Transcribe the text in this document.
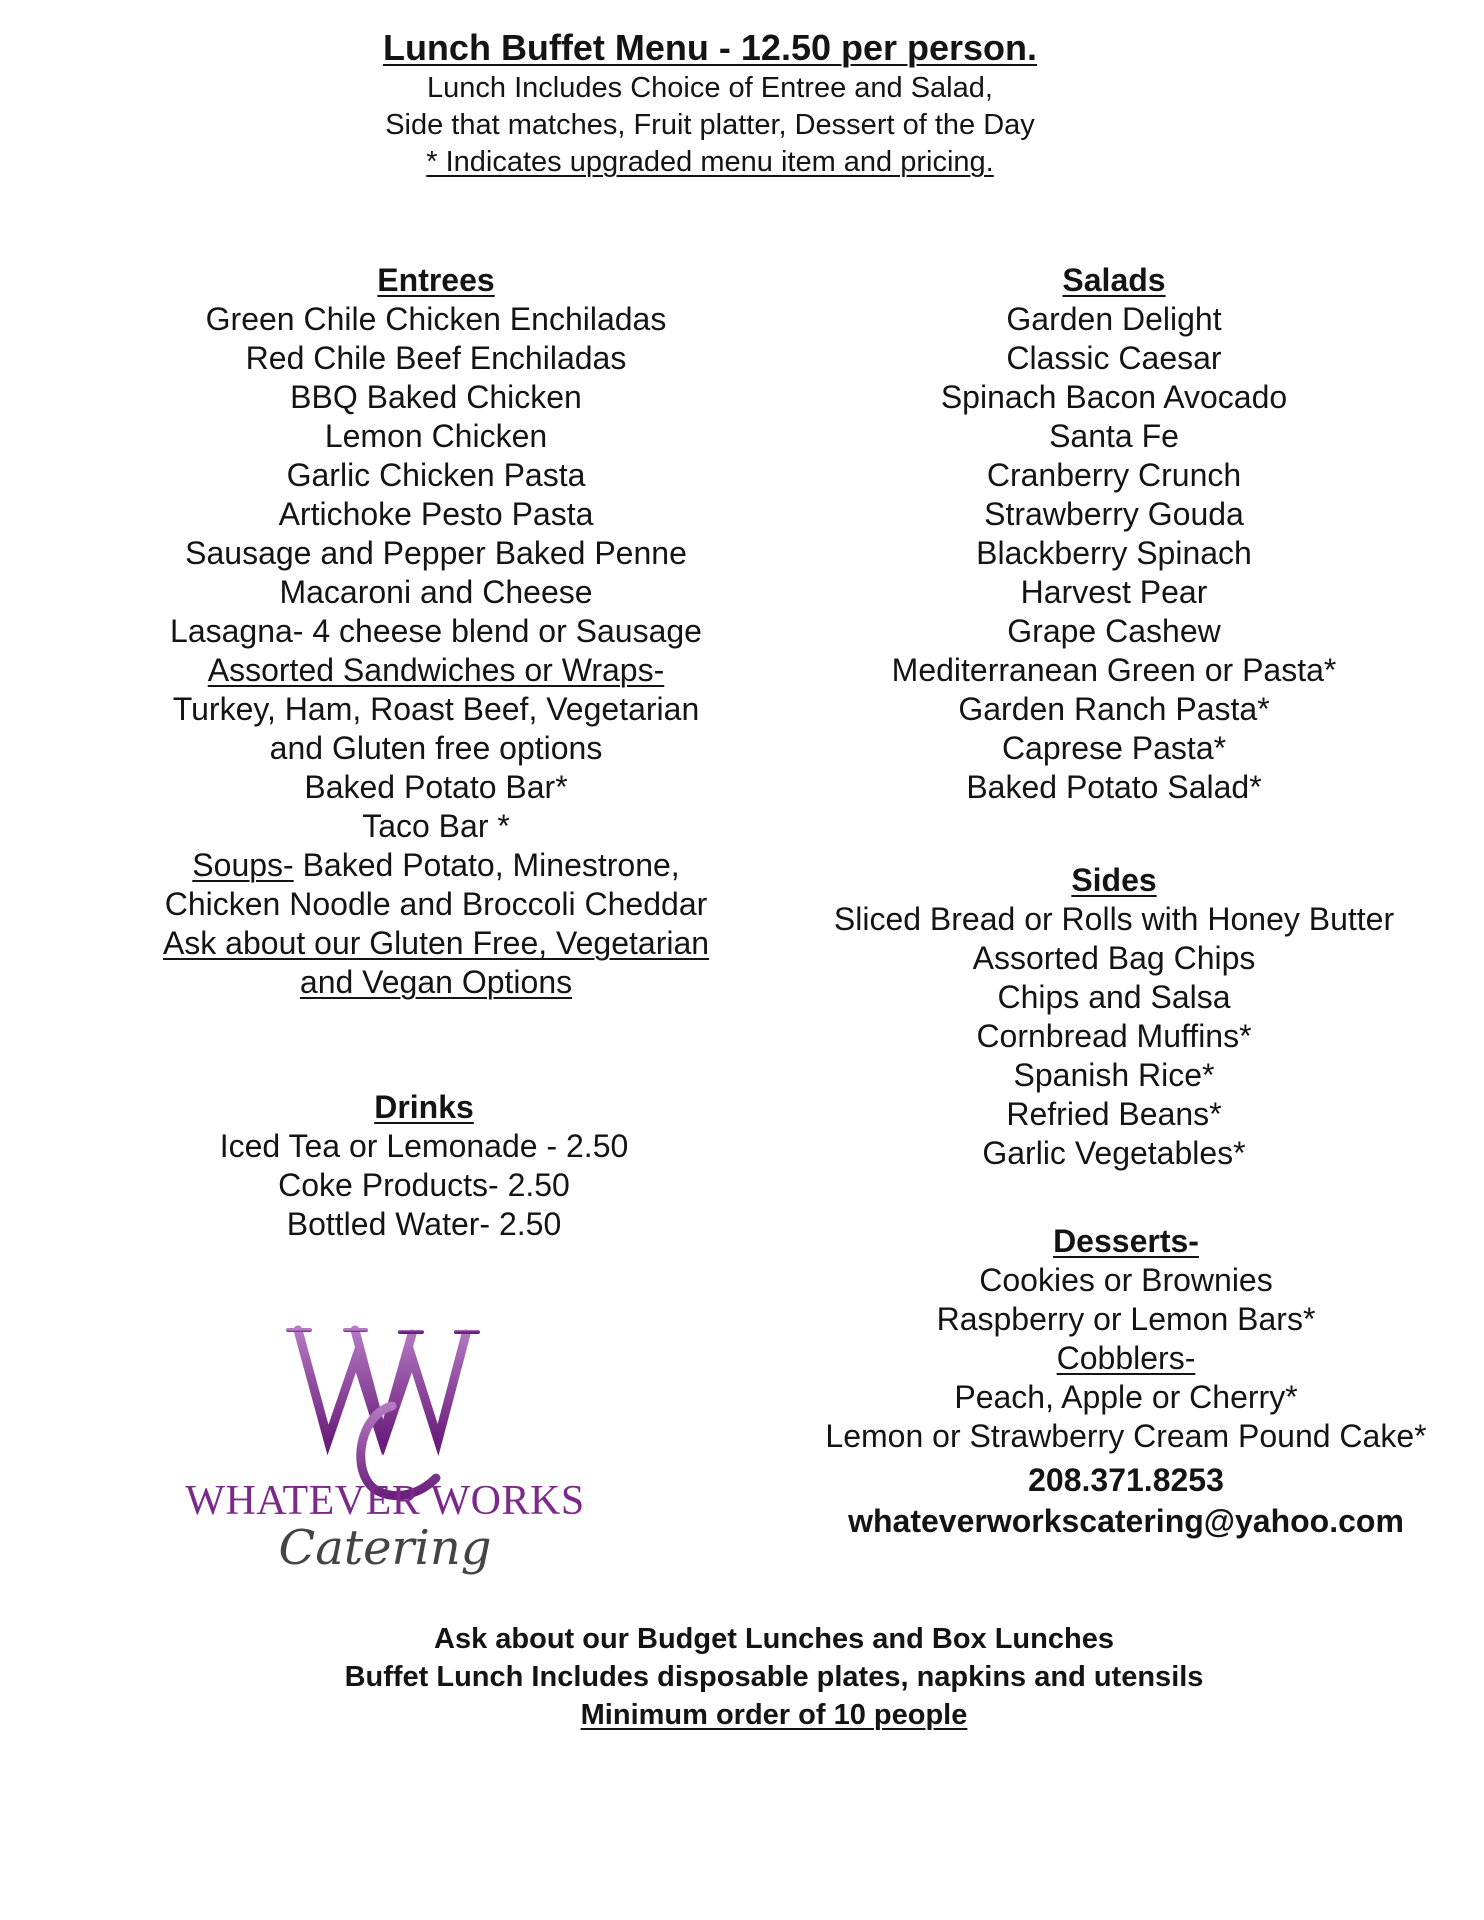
Lunch Buffet Menu - 12.50 per person.
Lunch Includes Choice of Entree and Salad,
Side that matches, Fruit platter, Dessert of the Day
* Indicates upgraded menu item and pricing.
Entrees
Green Chile Chicken Enchiladas
Red Chile Beef Enchiladas
BBQ Baked Chicken
Lemon Chicken
Garlic Chicken Pasta
Artichoke Pesto Pasta
Sausage and Pepper Baked Penne
Macaroni and Cheese
Lasagna- 4 cheese blend or Sausage
Assorted Sandwiches or Wraps-
Turkey, Ham, Roast Beef, Vegetarian
and Gluten free options
Baked Potato Bar*
Taco Bar *
Soups- Baked Potato, Minestrone,
Chicken Noodle and Broccoli Cheddar
Ask about our Gluten Free, Vegetarian
and Vegan Options
Salads
Garden Delight
Classic Caesar
Spinach Bacon Avocado
Santa Fe
Cranberry Crunch
Strawberry Gouda
Blackberry Spinach
Harvest Pear
Grape Cashew
Mediterranean Green or Pasta*
Garden Ranch Pasta*
Caprese Pasta*
Baked Potato Salad*
Drinks
Iced Tea or Lemonade - 2.50
Coke Products- 2.50
Bottled Water- 2.50
Sides
Sliced Bread or Rolls with Honey Butter
Assorted Bag Chips
Chips and Salsa
Cornbread Muffins*
Spanish Rice*
Refried Beans*
Garlic Vegetables*
Desserts-
Cookies or Brownies
Raspberry or Lemon Bars*
Cobblers-
Peach, Apple or Cherry*
Lemon or Strawberry Cream Pound Cake*
208.371.8253
whateverworkscatering@yahoo.com
WHATEVER WORKS
Catering
Ask about our Budget Lunches and Box Lunches
Buffet Lunch Includes disposable plates, napkins and utensils
Minimum order of 10 people
